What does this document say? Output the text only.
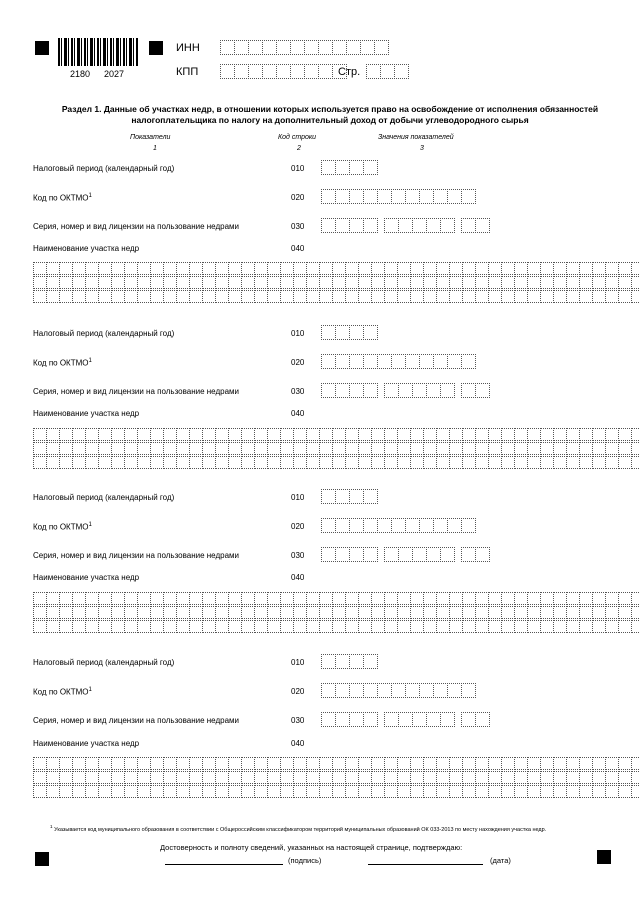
2180 2027
ИНН
КПП	Стр.
Раздел 1. Данные об участках недр, в отношении которых используется право на освобождение от исполнения обязанностей налогоплательщика по налогу на дополнительный доход от добычи углеводородного сырья
Показатели	Код строки	Значения показателей
1	2	3
Налоговый период (календарный год)	010
Код по ОКТМО$^1$	020
Серия, номер и вид лицензии на пользование недрами	030
Наименование участка недр	040
Налоговый период (календарный год)	010
Код по ОКТМО$^1$	020
Серия, номер и вид лицензии на пользование недрами	030
Наименование участка недр	040
Налоговый период (календарный год)	010
Код по ОКТМО$^1$	020
Серия, номер и вид лицензии на пользование недрами	030
Наименование участка недр	040
Налоговый период (календарный год)	010
Код по ОКТМО$^1$	020
Серия, номер и вид лицензии на пользование недрами	030
Наименование участка недр	040
$^1$ Указывается код муниципального образования в соответствии с Общероссийским классификатором территорий муниципальных образований ОК 033-2013 по месту нахождения участка недр.
Достоверность и полноту сведений, указанных на настоящей странице, подтверждаю:
(подпись)	(дата)
